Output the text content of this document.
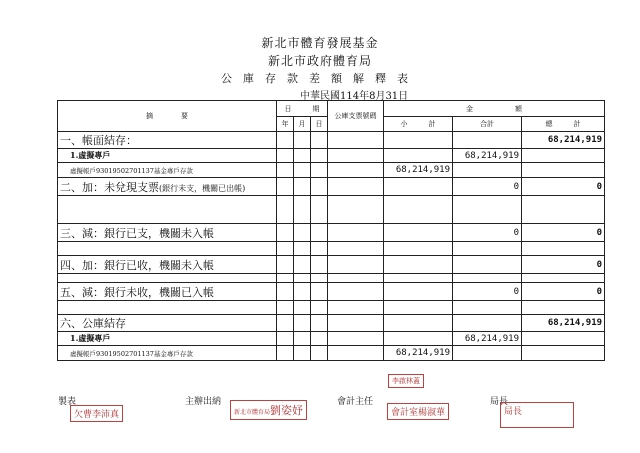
新北市體育發展基金
新北市政府體育局
公庫存款差額解釋表
中華民國114年8月31日
摘　　　　要	日　　　期			公庫支票號碼	金　　　　　　額		
	年	月	日		小　　　計	合計	總　　　計
一、帳面結存：							68,214,919
1.虛擬專戶						68,214,919	
虛擬帳戶93019502701137基金專戶存款					68,214,919		
二、加：未兌現支票(銀行未支，機關已出帳)						0	0

三、減：銀行已支，機關未入帳						0	0

四、加：銀行已收，機關未入帳							0

五、減：銀行未收，機關已入帳						0	0

六、公庫結存							68,214,919
1.虛擬專戶						68,214,919	
虛擬帳戶93019502701137基金專戶存款					68,214,919		
李啟林蓋
製表	主辦出納	會計主任	局長
欠曹李沛真	新北市體育局劉姿妤	會計室楊淑華	局長
